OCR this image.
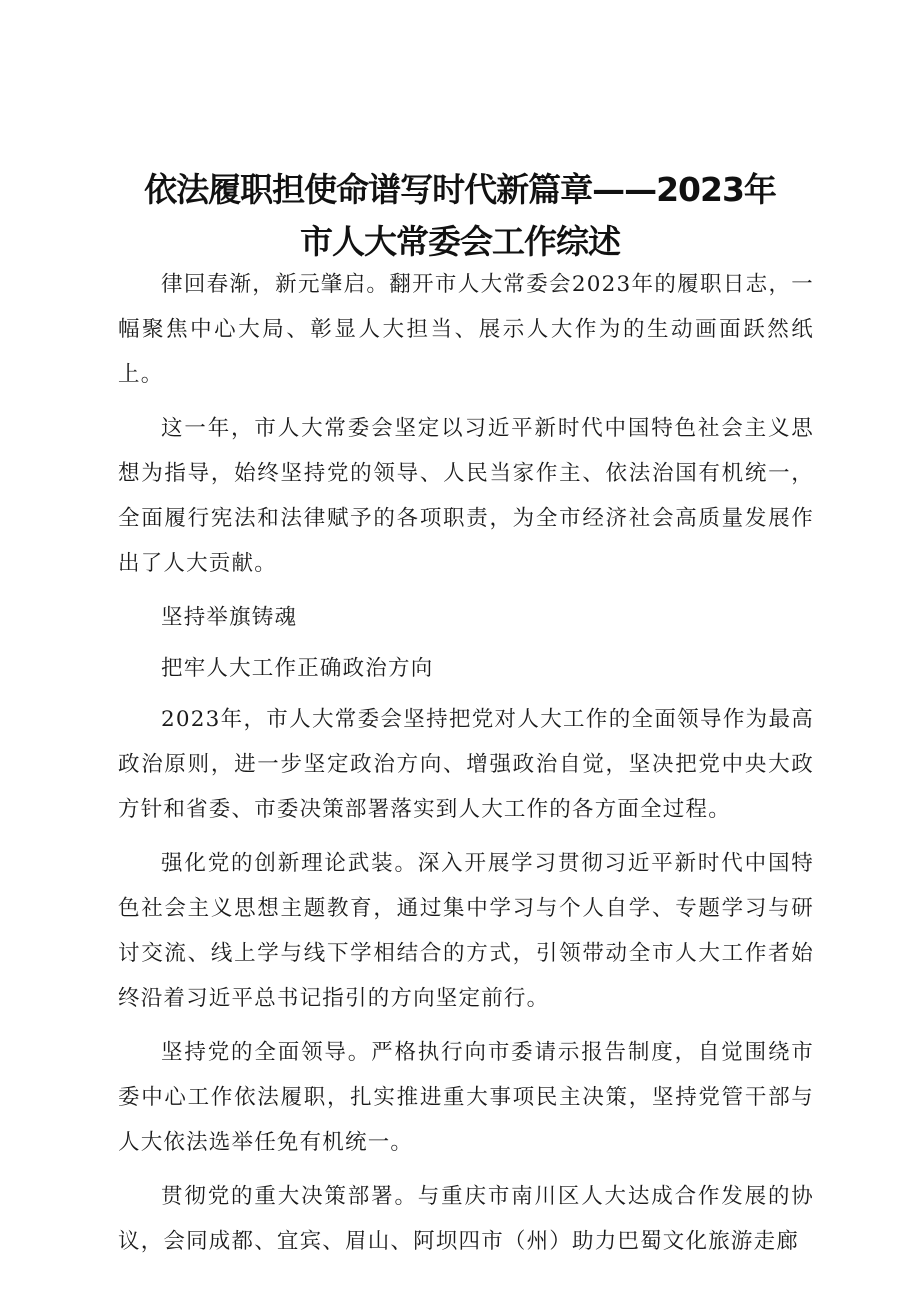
依法履职担使命谱写时代新篇章——2023年
市人大常委会工作综述

律回春渐，新元肇启。翻开市人大常委会2023年的履职日志，一幅聚焦中心大局、彰显人大担当、展示人大作为的生动画面跃然纸上。

这一年，市人大常委会坚定以习近平新时代中国特色社会主义思想为指导，始终坚持党的领导、人民当家作主、依法治国有机统一，全面履行宪法和法律赋予的各项职责，为全市经济社会高质量发展作出了人大贡献。

坚持举旗铸魂

把牢人大工作正确政治方向

2023年，市人大常委会坚持把党对人大工作的全面领导作为最高政治原则，进一步坚定政治方向、增强政治自觉，坚决把党中央大政方针和省委、市委决策部署落实到人大工作的各方面全过程。

强化党的创新理论武装。深入开展学习贯彻习近平新时代中国特色社会主义思想主题教育，通过集中学习与个人自学、专题学习与研讨交流、线上学与线下学相结合的方式，引领带动全市人大工作者始终沿着习近平总书记指引的方向坚定前行。

坚持党的全面领导。严格执行向市委请示报告制度，自觉围绕市委中心工作依法履职，扎实推进重大事项民主决策，坚持党管干部与人大依法选举任免有机统一。

贯彻党的重大决策部署。与重庆市南川区人大达成合作发展的协议，会同成都、宜宾、眉山、阿坝四市（州）助力巴蜀文化旅游走廊
